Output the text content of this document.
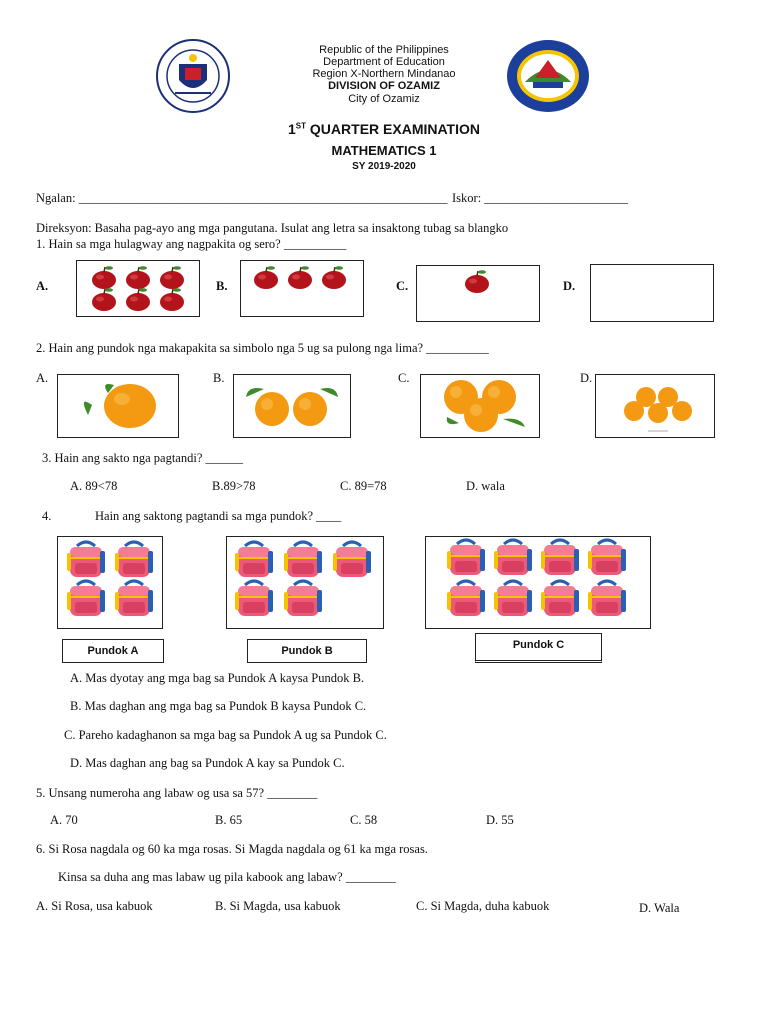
Republic of the Philippines
Department of Education
Region X-Northern Mindanao
DIVISION OF OZAMIZ
City of Ozamiz
1ST QUARTER EXAMINATION
MATHEMATICS 1
SY 2019-2020
Ngalan: ___________________________________________________________ Iskor: _______________________
Direksyon: Basaha pag-ayo ang mga pangutana. Isulat ang letra sa insaktong tubag sa blangko
1. Hain sa mga hulagway ang nagpakita og sero? __________
A.	B.	C.	D.
2. Hain ang pundok nga makapakita sa simbolo nga 5 ug sa pulong nga lima? __________
A.	B.	C.	D.
3. Hain ang sakto nga pagtandi? ______
A. 89<78	B.89>78	C. 89=78	D. wala
4.	Hain ang saktong pagtandi sa mga pundok? ____
Pundok A	Pundok B	Pundok C
A. Mas dyotay ang mga bag sa Pundok A kaysa Pundok B.
B. Mas daghan ang mga bag sa Pundok B kaysa Pundok C.
C. Pareho kadaghanon sa mga bag sa Pundok A ug sa Pundok C.
D. Mas daghan ang bag sa Pundok A kay sa Pundok C.
5. Unsang numeroha ang labaw og usa sa 57? ________
A. 70	B. 65	C. 58	D. 55
6. Si Rosa nagdala og 60 ka mga rosas. Si Magda nagdala og 61 ka mga rosas.
Kinsa sa duha ang mas labaw ug pila kabook ang labaw? ________
A. Si Rosa, usa kabuok	B. Si Magda, usa kabuok	C. Si Magda, duha kabuok	D. Wala
